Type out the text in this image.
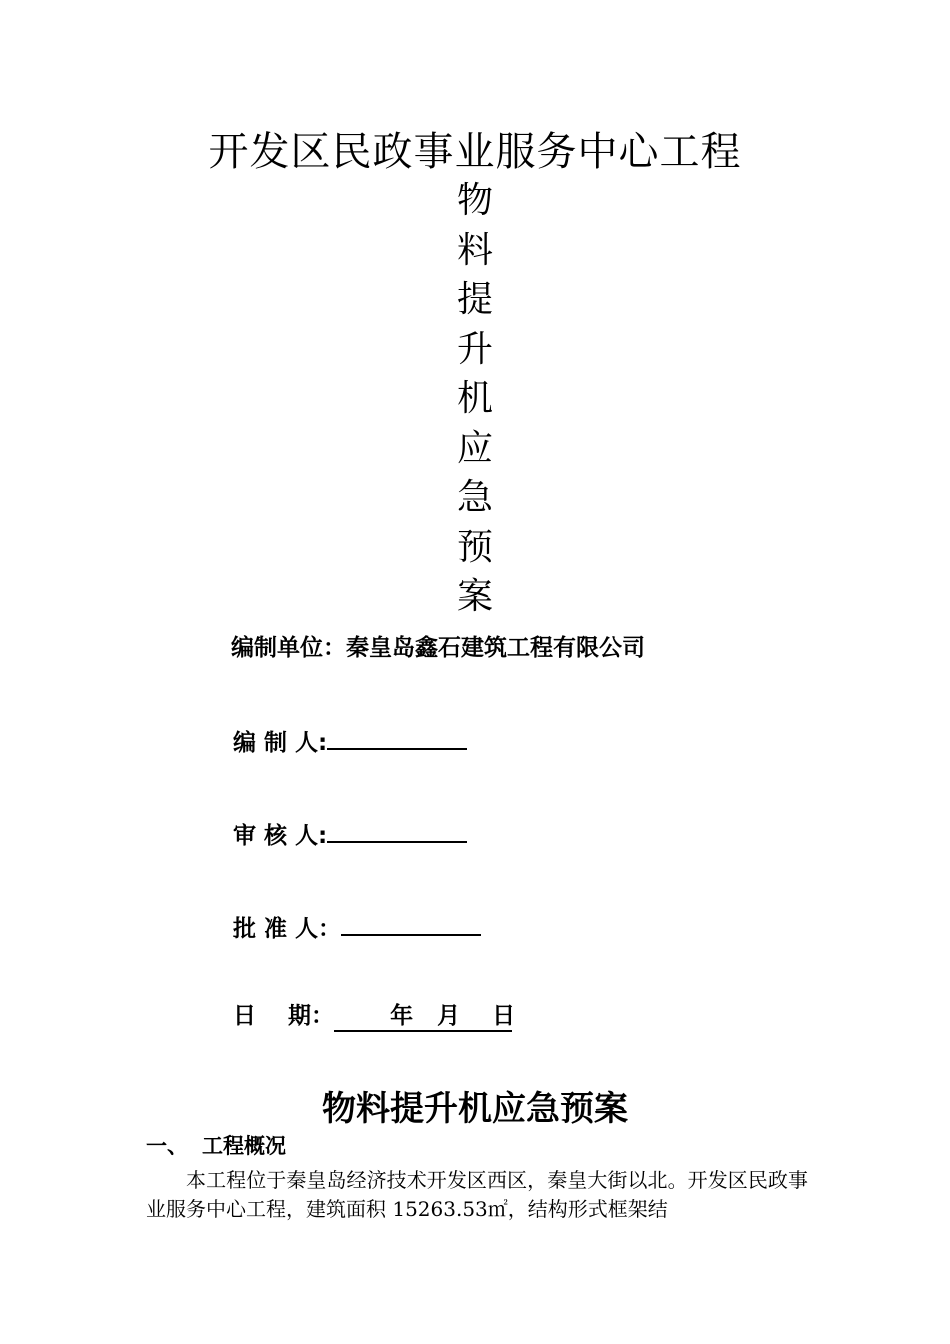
开发区民政事业服务中心工程
物
料
提
升
机
应
急
预
案
编制单位：秦皇岛鑫石建筑工程有限公司
编 制 人:
审 核 人:
批 准 人：
日    期：       年   月    日
物料提升机应急预案
一、 工程概况
本工程位于秦皇岛经济技术开发区西区，秦皇大街以北。开发区民政事业服务中心工程，建筑面积 15263.53㎡，结构形式框架结
